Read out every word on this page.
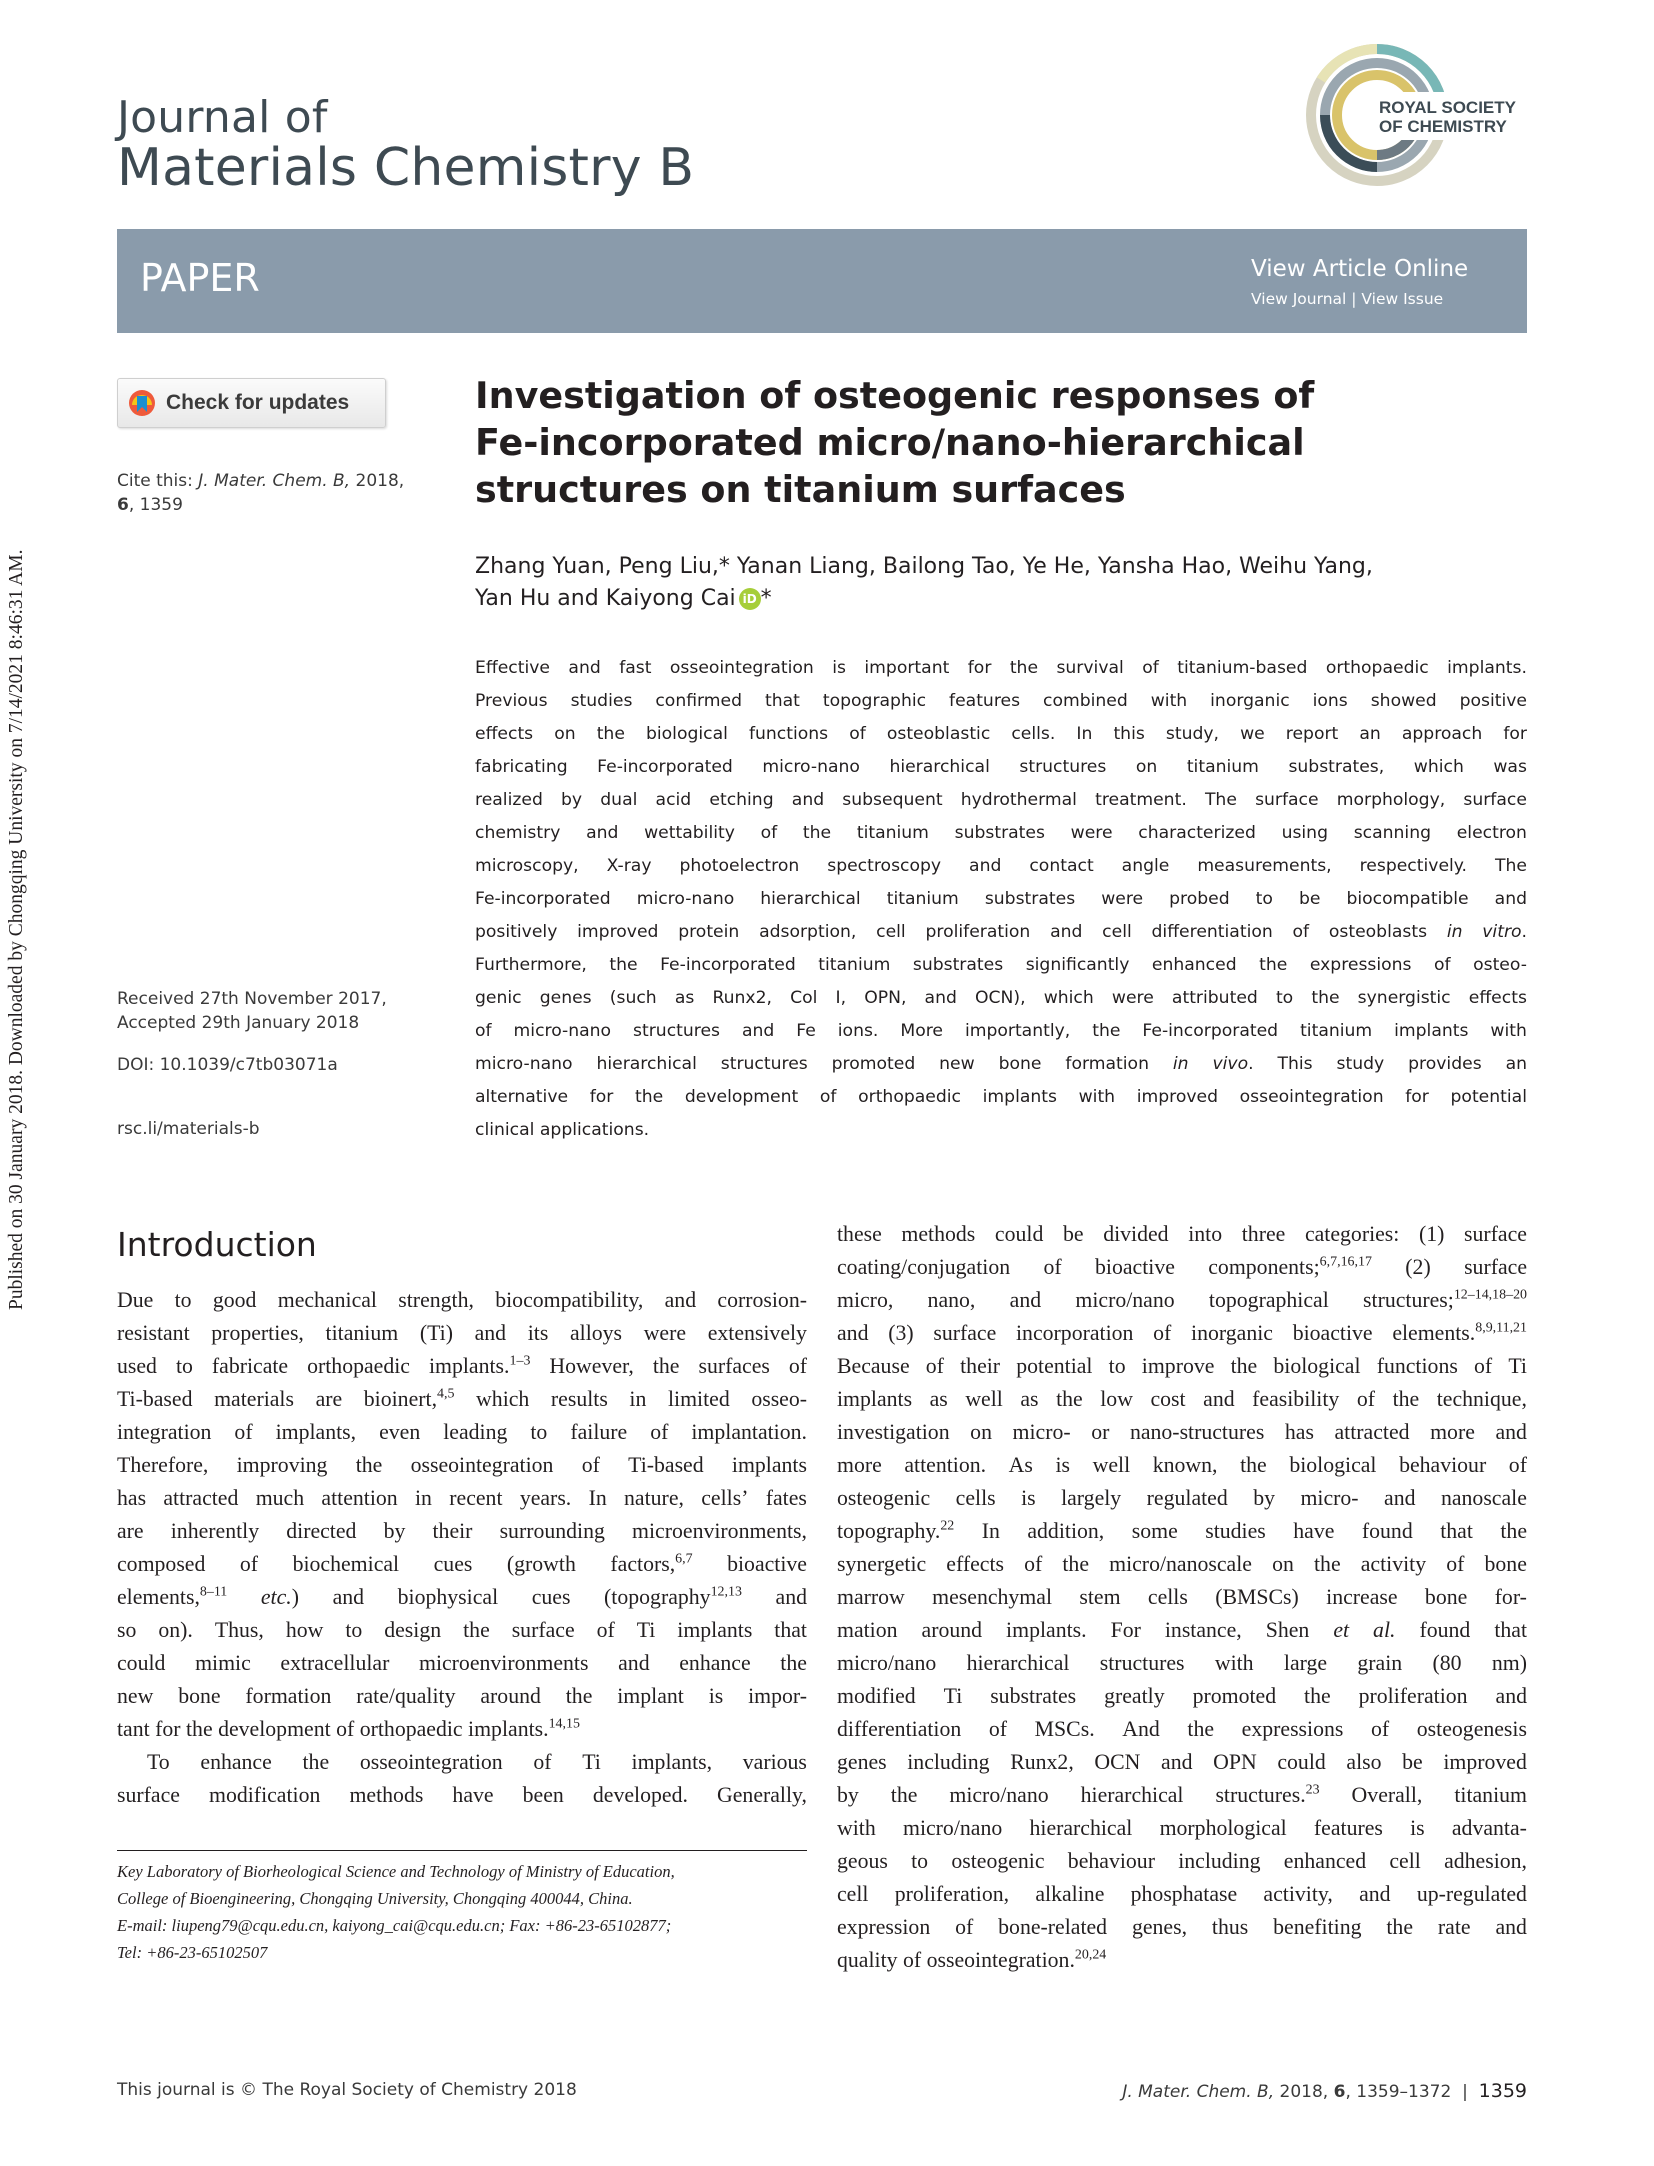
Published on 30 January 2018. Downloaded by Chongqing University on 7/14/2021 8:46:31 AM.
Journal of
Materials Chemistry B
ROYAL SOCIETY
OF CHEMISTRY
PAPER	View Article Online
View Journal | View Issue
Check for updates
Cite this: J. Mater. Chem. B, 2018,
6, 1359
Received 27th November 2017,
Accepted 29th January 2018
DOI: 10.1039/c7tb03071a
rsc.li/materials-b
Investigation of osteogenic responses of
Fe-incorporated micro/nano-hierarchical
structures on titanium surfaces
Zhang Yuan, Peng Liu,* Yanan Liang, Bailong Tao, Ye He, Yansha Hao, Weihu Yang,
Yan Hu and Kaiyong Cai iD *
Effective and fast osseointegration is important for the survival of titanium-based orthopaedic implants.
Previous studies confirmed that topographic features combined with inorganic ions showed positive
effects on the biological functions of osteoblastic cells. In this study, we report an approach for
fabricating Fe-incorporated micro-nano hierarchical structures on titanium substrates, which was
realized by dual acid etching and subsequent hydrothermal treatment. The surface morphology, surface
chemistry and wettability of the titanium substrates were characterized using scanning electron
microscopy, X-ray photoelectron spectroscopy and contact angle measurements, respectively. The
Fe-incorporated micro-nano hierarchical titanium substrates were probed to be biocompatible and
positively improved protein adsorption, cell proliferation and cell differentiation of osteoblasts in vitro.
Furthermore, the Fe-incorporated titanium substrates significantly enhanced the expressions of osteo-
genic genes (such as Runx2, Col I, OPN, and OCN), which were attributed to the synergistic effects
of micro-nano structures and Fe ions. More importantly, the Fe-incorporated titanium implants with
micro-nano hierarchical structures promoted new bone formation in vivo. This study provides an
alternative for the development of orthopaedic implants with improved osseointegration for potential
clinical applications.
Introduction
Due to good mechanical strength, biocompatibility, and corrosion-
resistant properties, titanium (Ti) and its alloys were extensively
used to fabricate orthopaedic implants.$^{1-3}$ However, the surfaces of
Ti-based materials are bioinert,$^{4,5}$ which results in limited osseo-
integration of implants, even leading to failure of implantation.
Therefore, improving the osseointegration of Ti-based implants
has attracted much attention in recent years. In nature, cells’ fates
are inherently directed by their surrounding microenvironments,
composed of biochemical cues (growth factors,$^{6,7}$ bioactive
elements,$^{8-11}$ etc.) and biophysical cues (topography$^{12,13}$ and
so on). Thus, how to design the surface of Ti implants that
could mimic extracellular microenvironments and enhance the
new bone formation rate/quality around the implant is impor-
tant for the development of orthopaedic implants.$^{14,15}$
To enhance the osseointegration of Ti implants, various
surface modification methods have been developed. Generally,
these methods could be divided into three categories: (1) surface
coating/conjugation of bioactive components;$^{6,7,16,17}$ (2) surface
micro, nano, and micro/nano topographical structures;$^{12-14,18-20}$
and (3) surface incorporation of inorganic bioactive elements.$^{8,9,11,21}$
Because of their potential to improve the biological functions of Ti
implants as well as the low cost and feasibility of the technique,
investigation on micro- or nano-structures has attracted more and
more attention. As is well known, the biological behaviour of
osteogenic cells is largely regulated by micro- and nanoscale
topography.$^{22}$ In addition, some studies have found that the
synergetic effects of the micro/nanoscale on the activity of bone
marrow mesenchymal stem cells (BMSCs) increase bone for-
mation around implants. For instance, Shen et al. found that
micro/nano hierarchical structures with large grain (80 nm)
modified Ti substrates greatly promoted the proliferation and
differentiation of MSCs. And the expressions of osteogenesis
genes including Runx2, OCN and OPN could also be improved
by the micro/nano hierarchical structures.$^{23}$ Overall, titanium
with micro/nano hierarchical morphological features is advanta-
geous to osteogenic behaviour including enhanced cell adhesion,
cell proliferation, alkaline phosphatase activity, and up-regulated
expression of bone-related genes, thus benefiting the rate and
quality of osseointegration.$^{20,24}$
Key Laboratory of Biorheological Science and Technology of Ministry of Education,
College of Bioengineering, Chongqing University, Chongqing 400044, China.
E-mail: liupeng79@cqu.edu.cn, kaiyong_cai@cqu.edu.cn; Fax: +86-23-65102877;
Tel: +86-23-65102507
This journal is © The Royal Society of Chemistry 2018	J. Mater. Chem. B, 2018, 6, 1359–1372  |  1359
